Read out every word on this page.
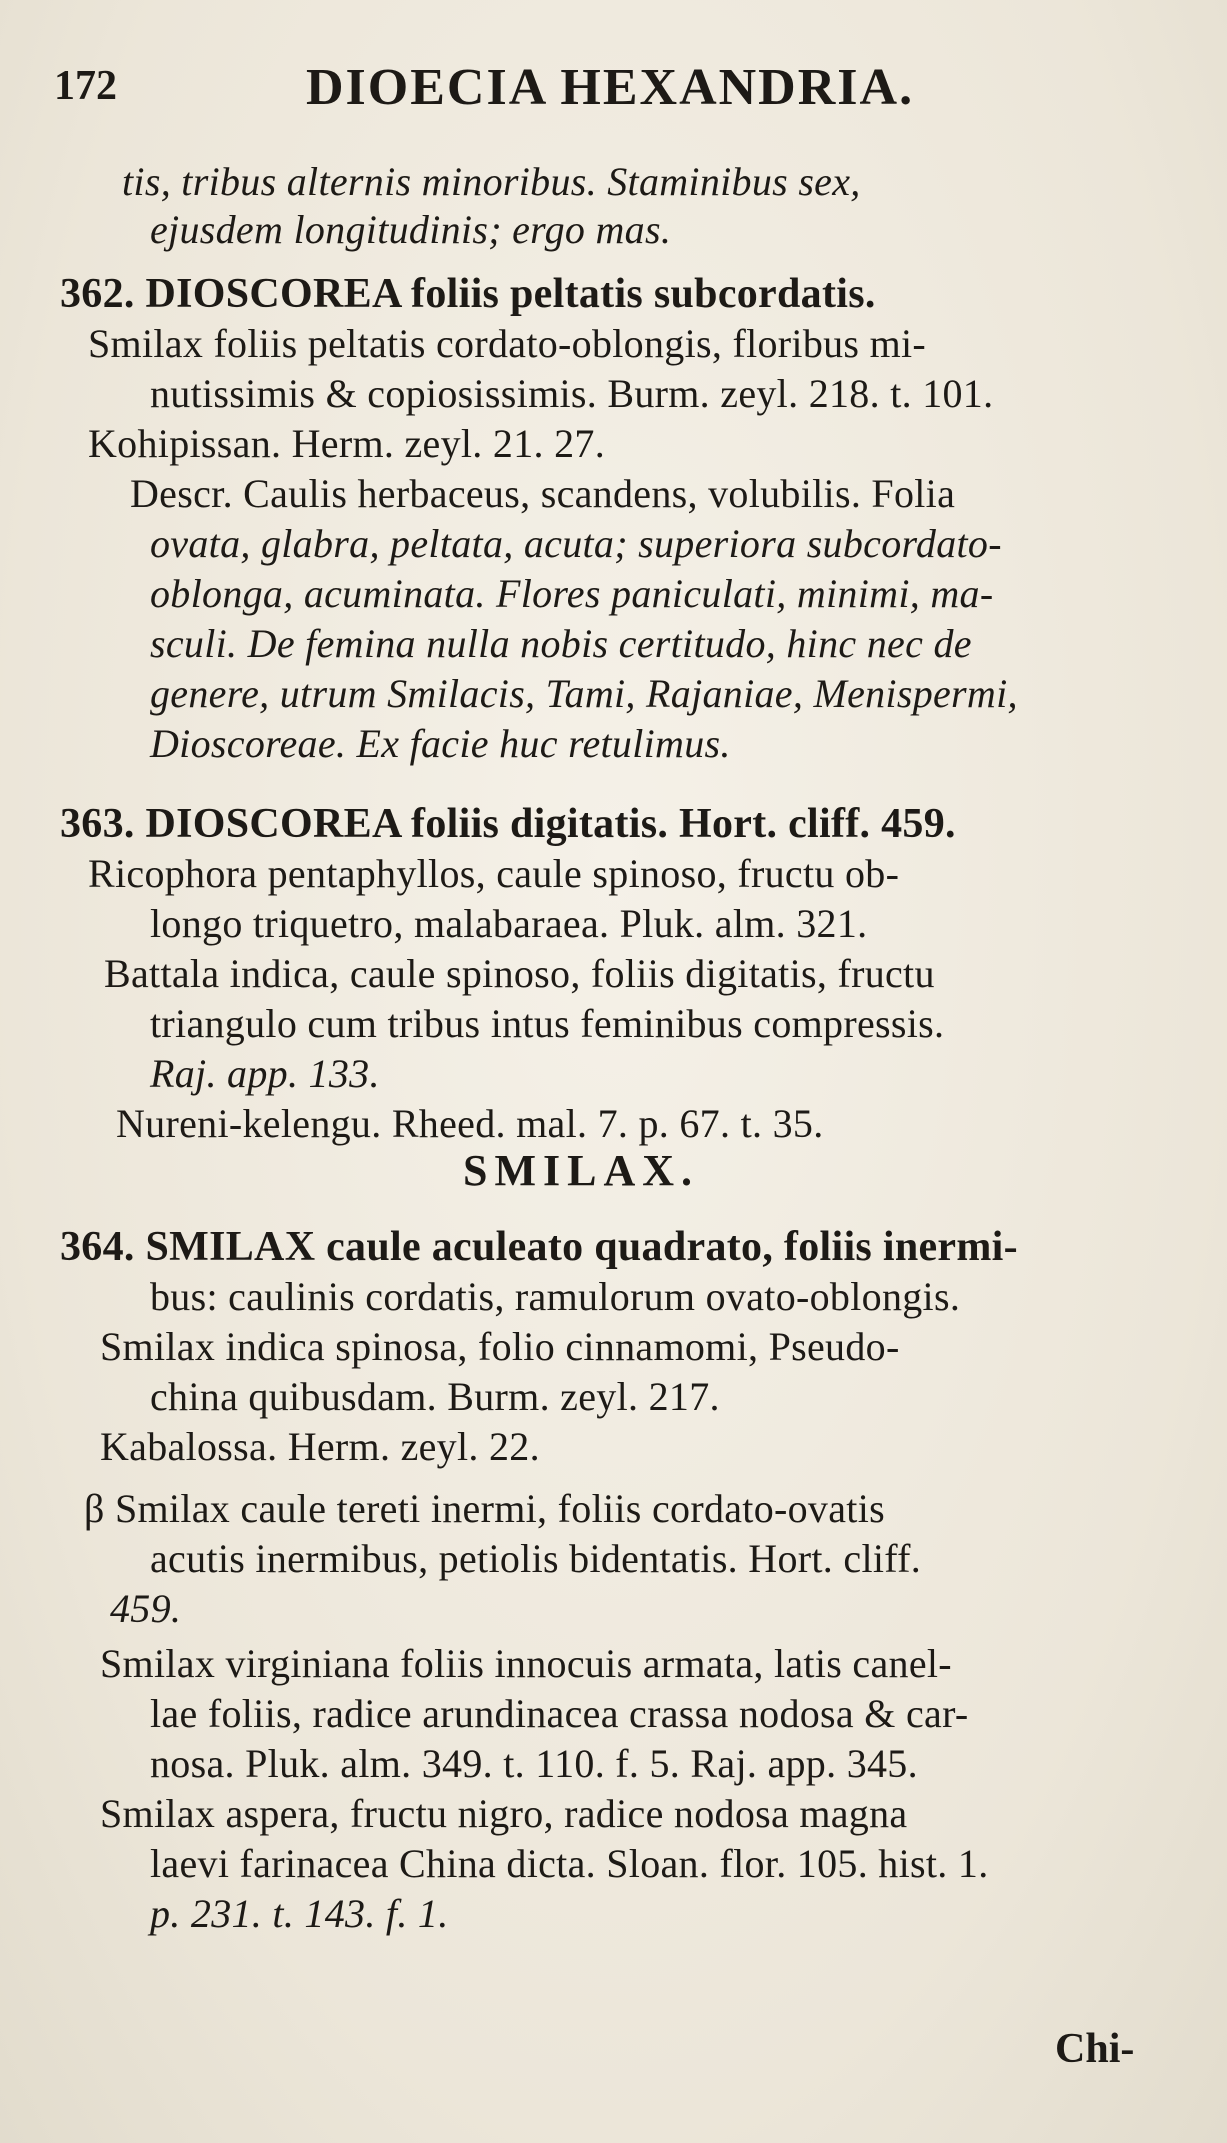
172	DIOECIA HEXANDRIA.
tis, tribus alternis minoribus. Staminibus sex,
ejusdem longitudinis; ergo mas.
362. DIOSCOREA foliis peltatis subcordatis.
Smilax foliis peltatis cordato-oblongis, floribus mi-
nutissimis & copiosissimis. Burm. zeyl. 218. t. 101.
Kohipissan. Herm. zeyl. 21. 27.
Descr. Caulis herbaceus, scandens, volubilis. Folia
ovata, glabra, peltata, acuta; superiora subcordato-
oblonga, acuminata. Flores paniculati, minimi, ma-
sculi. De femina nulla nobis certitudo, hinc nec de
genere, utrum Smilacis, Tami, Rajaniae, Menispermi,
Dioscoreae. Ex facie huc retulimus.
363. DIOSCOREA foliis digitatis. Hort. cliff. 459.
Ricophora pentaphyllos, caule spinoso, fructu ob-
longo triquetro, malabaraea. Pluk. alm. 321.
Battala indica, caule spinoso, foliis digitatis, fructu
triangulo cum tribus intus feminibus compressis.
Raj. app. 133.
Nureni-kelengu. Rheed. mal. 7. p. 67. t. 35.
SMILAX.
364. SMILAX caule aculeato quadrato, foliis inermi-
bus: caulinis cordatis, ramulorum ovato-oblongis.
Smilax indica spinosa, folio cinnamomi, Pseudo-
china quibusdam. Burm. zeyl. 217.
Kabalossa. Herm. zeyl. 22.
β Smilax caule tereti inermi, foliis cordato-ovatis
acutis inermibus, petiolis bidentatis. Hort. cliff.
459.
Smilax virginiana foliis innocuis armata, latis canel-
lae foliis, radice arundinacea crassa nodosa & car-
nosa. Pluk. alm. 349. t. 110. f. 5. Raj. app. 345.
Smilax aspera, fructu nigro, radice nodosa magna
laevi farinacea China dicta. Sloan. flor. 105. hist. 1.
p. 231. t. 143. f. 1.
Chi-
